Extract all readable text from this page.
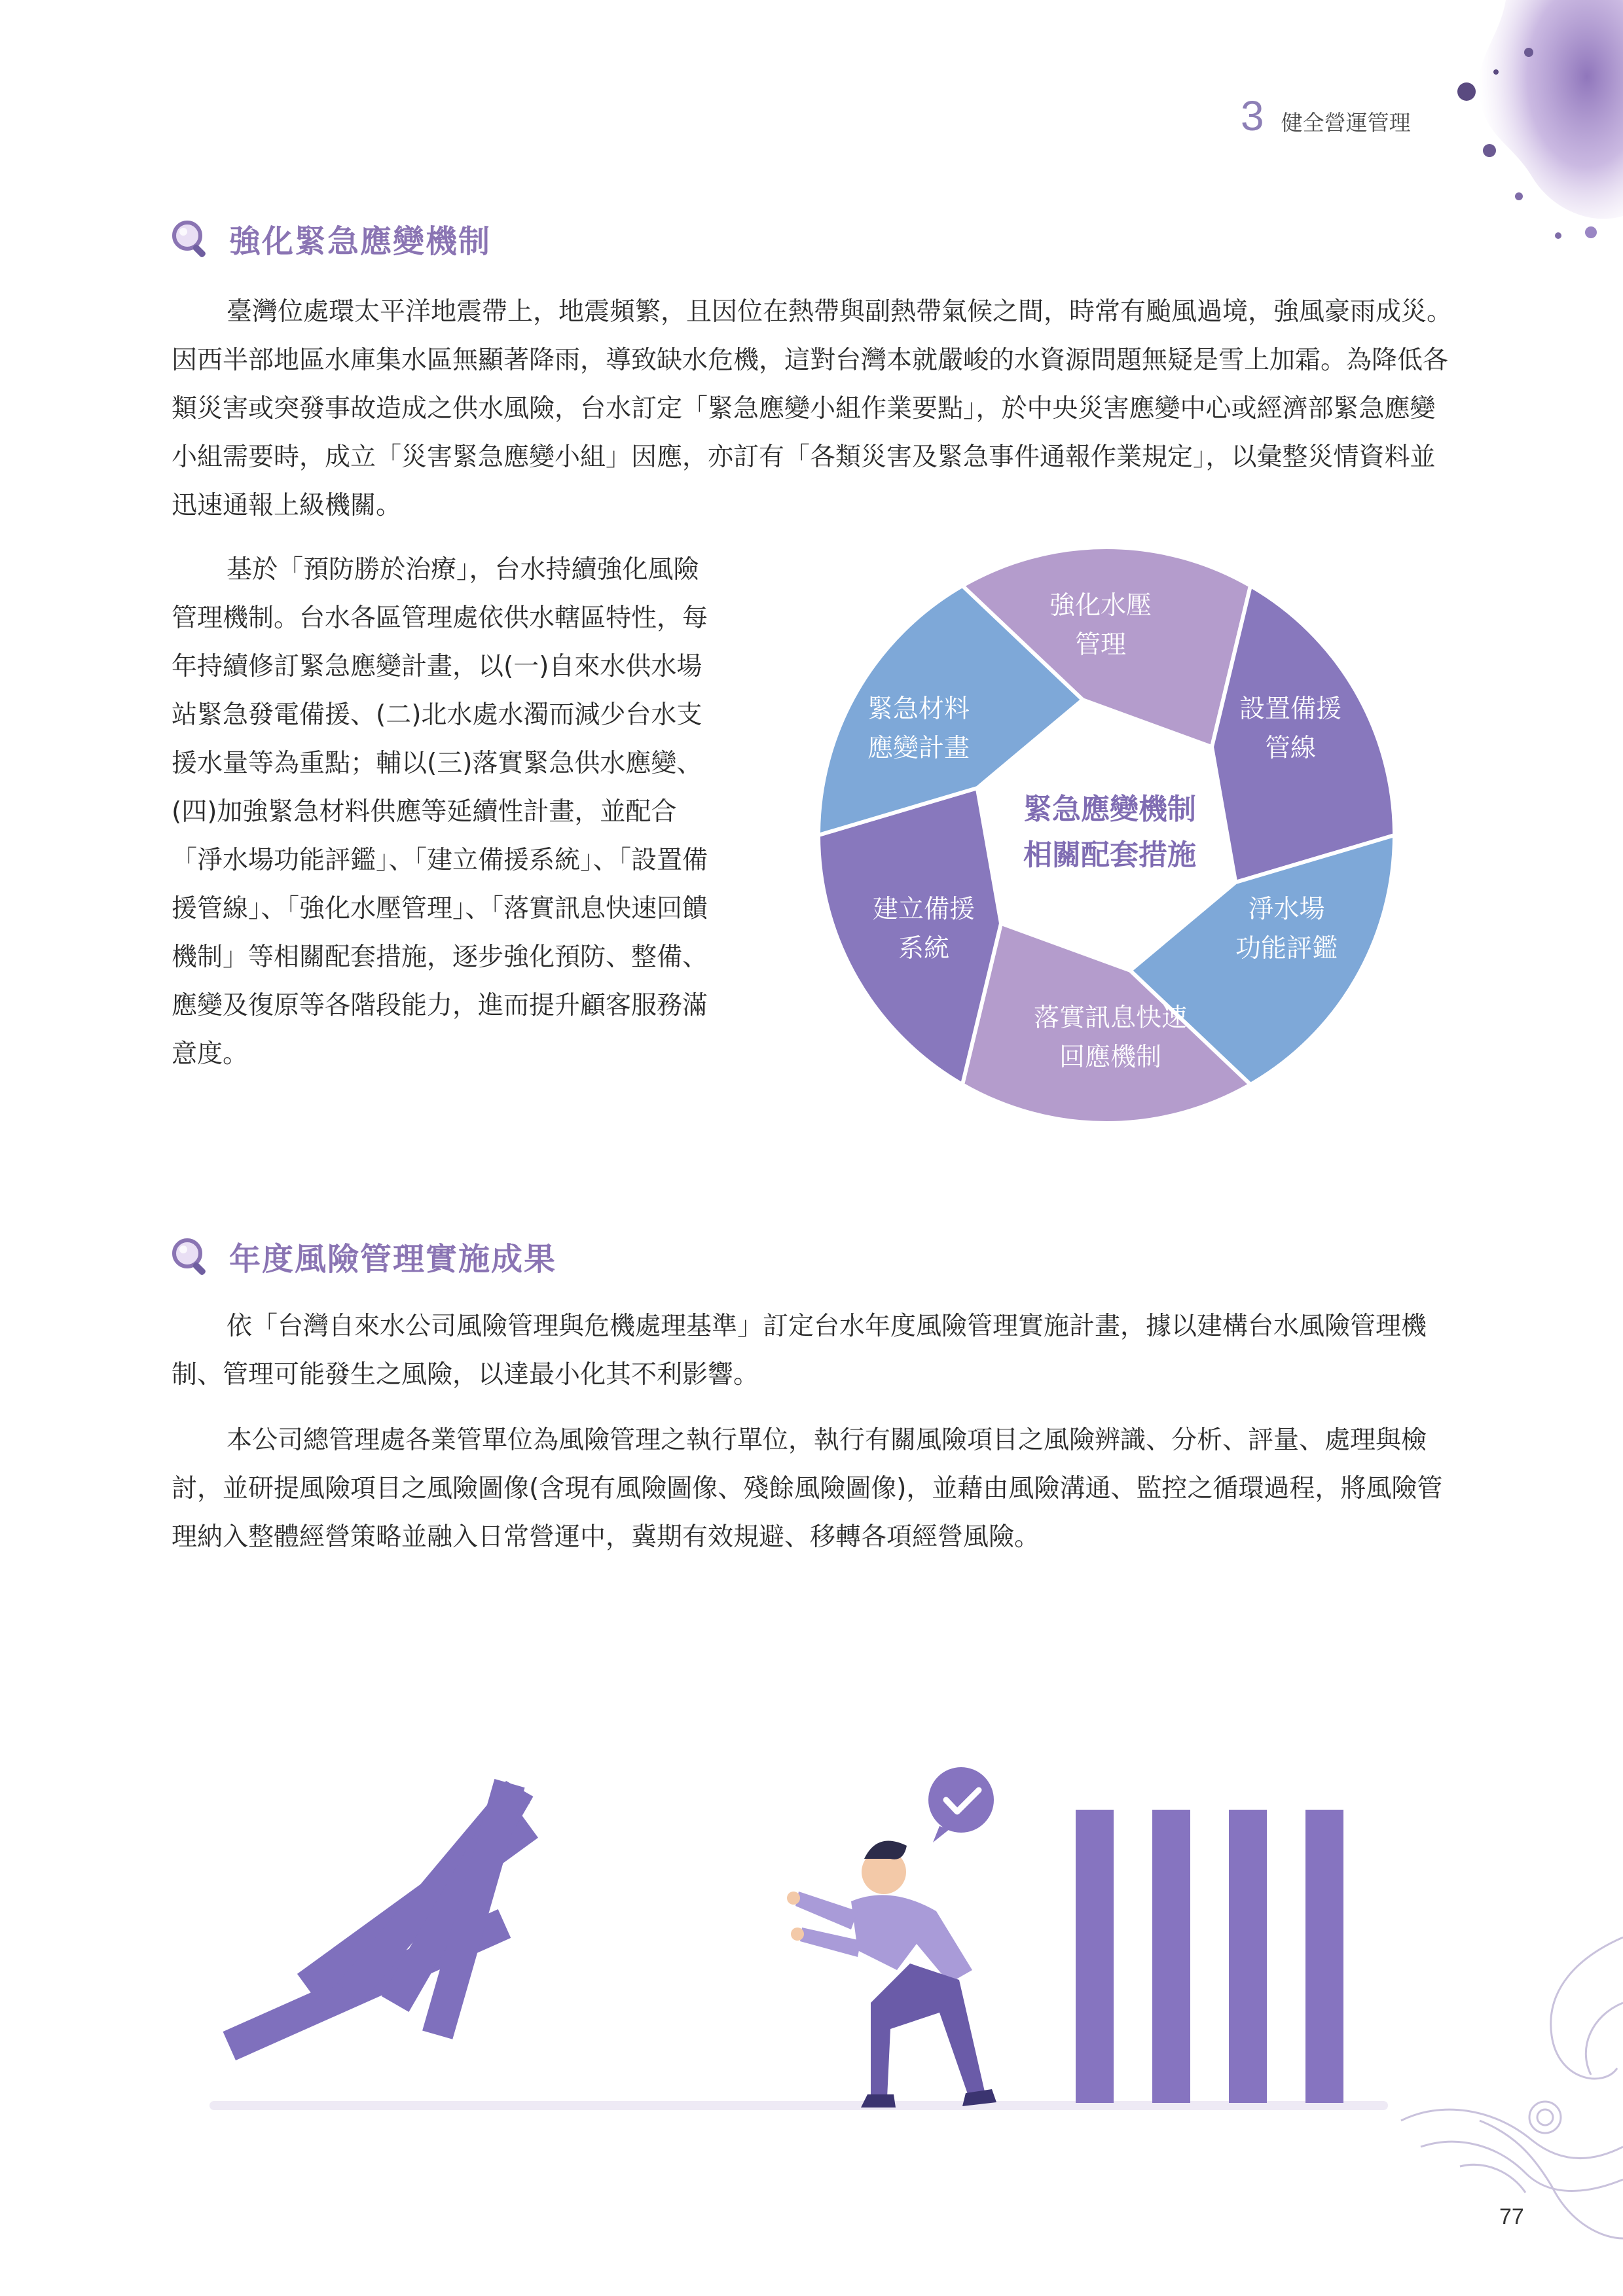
3 健全營運管理
強化緊急應變機制

臺灣位處環太平洋地震帶上，地震頻繁，且因位在熱帶與副熱帶氣候之間，時常有颱風過境，強風豪雨成災。因西半部地區水庫集水區無顯著降雨，導致缺水危機，這對台灣本就嚴峻的水資源問題無疑是雪上加霜。為降低各類災害或突發事故造成之供水風險，台水訂定「緊急應變小組作業要點」，於中央災害應變中心或經濟部緊急應變小組需要時，成立「災害緊急應變小組」因應，亦訂有「各類災害及緊急事件通報作業規定」，以彙整災情資料並迅速通報上級機關。

基於「預防勝於治療」，台水持續強化風險管理機制。台水各區管理處依供水轄區特性，每年持續修訂緊急應變計畫，以(一)自來水供水場站緊急發電備援、(二)北水處水濁而減少台水支援水量等為重點；輔以(三)落實緊急供水應變、(四)加強緊急材料供應等延續性計畫，並配合「淨水場功能評鑑」、「建立備援系統」、「設置備援管線」、「強化水壓管理」、「落實訊息快速回饋機制」等相關配套措施，逐步強化預防、整備、應變及復原等各階段能力，進而提升顧客服務滿意度。

強化水壓
管理
設置備援
管線
淨水場
功能評鑑
落實訊息快速
回應機制
建立備援
系統
緊急材料
應變計畫
緊急應變機制
相關配套措施
年度風險管理實施成果

依「台灣自來水公司風險管理與危機處理基準」訂定台水年度風險管理實施計畫，據以建構台水風險管理機制、管理可能發生之風險，以達最小化其不利影響。

本公司總管理處各業管單位為風險管理之執行單位，執行有關風險項目之風險辨識、分析、評量、處理與檢討，並研提風險項目之風險圖像(含現有風險圖像、殘餘風險圖像)，並藉由風險溝通、監控之循環過程，將風險管理納入整體經營策略並融入日常營運中，冀期有效規避、移轉各項經營風險。

77
